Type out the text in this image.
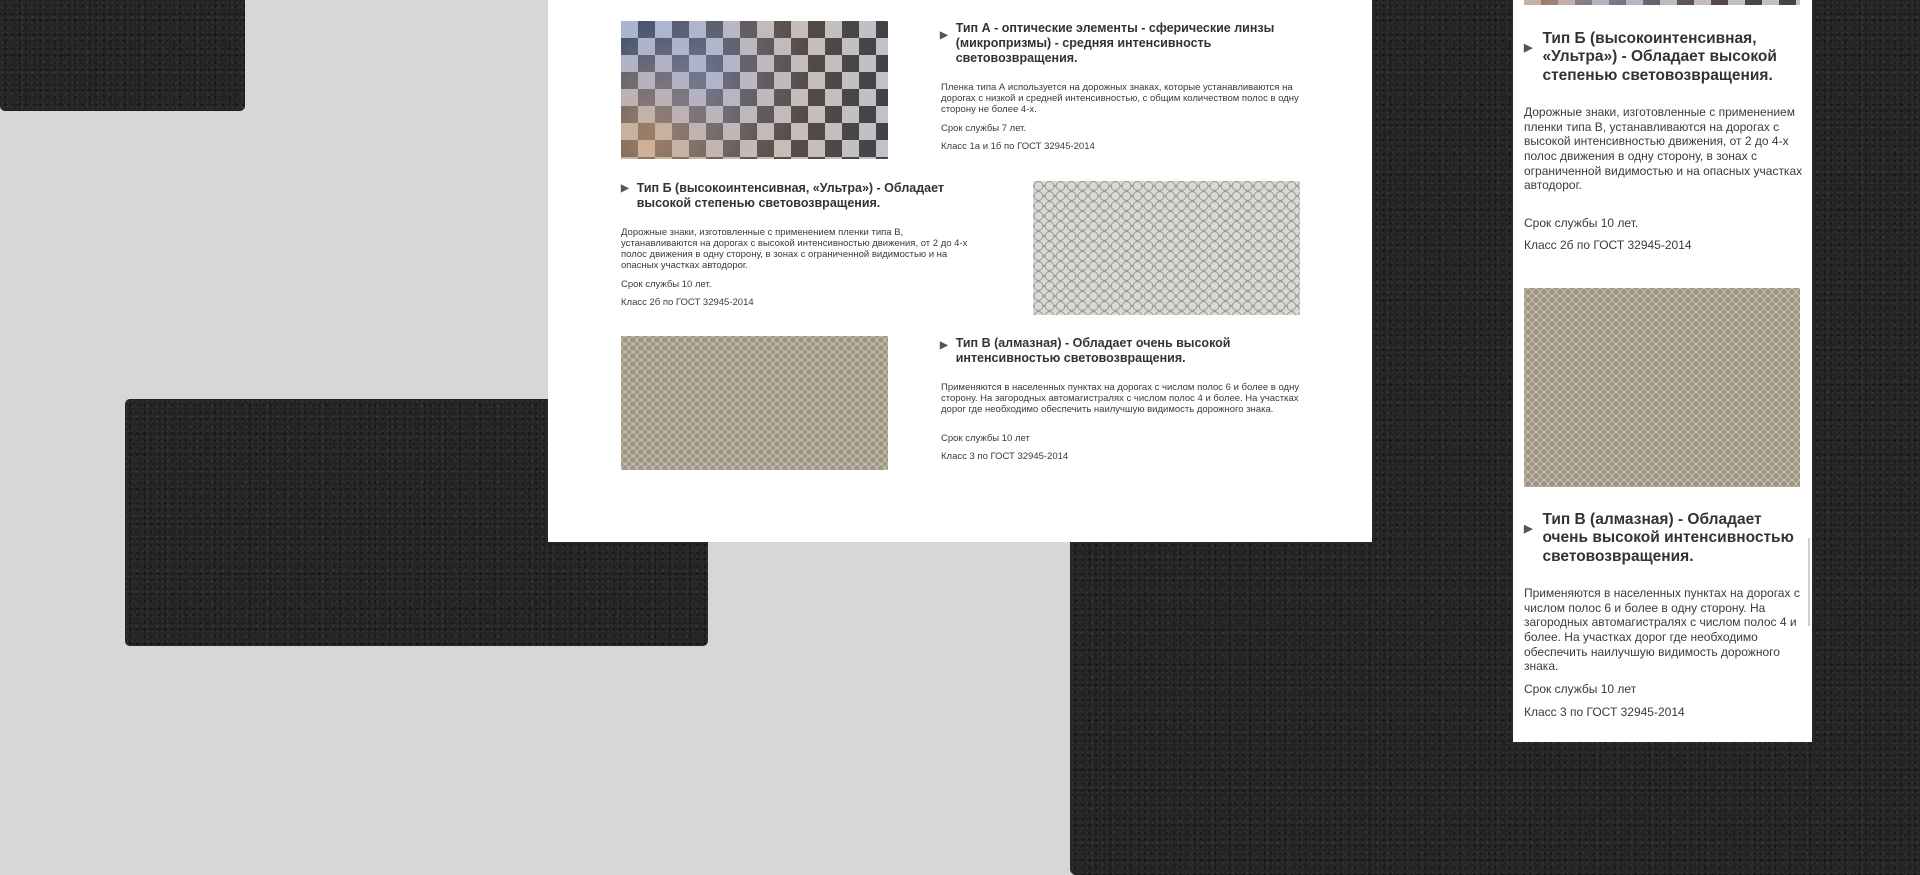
▶
Тип А - оптические элементы - сферические линзы (микропризмы) - средняя интенсивность световозвращения.

Пленка типа А используется на дорожных знаках, которые устанавливаются на дорогах с низкой и средней интенсивностью, с общим количеством полос в одну сторону не более 4-х.

Срок службы 7 лет.
Класс 1а и 1б по ГОСТ 32945-2014
▶ Тип Б (высокоинтенсивная, «Ультра») - Обладает высокой степенью световозвращения.

Дорожные знаки, изготовленные с применением пленки типа В, устанавливаются на дорогах с высокой интенсивностью движения, от 2 до 4-х полос движения в одну сторону, в зонах с ограниченной видимостью и на опасных участках автодорог.

Срок службы 10 лет.
Класс 2б по ГОСТ 32945-2014
▶ Тип В (алмазная) - Обладает очень высокой интенсивностью световозвращения.

Применяются в населенных пунктах на дорогах с числом полос 6 и более в одну сторону. На загородных автомагистралях с числом полос 4 и более. На участках дорог где необходимо обеспечить наилучшую видимость дорожного знака.

Срок службы 10 лет
Класс 3 по ГОСТ 32945-2014
▶
Тип Б (высокоинтенсивная, «Ультра») - Обладает высокой степенью световозвращения.

Дорожные знаки, изготовленные с применением пленки типа В, устанавливаются на дорогах с высокой интенсивностью движения, от 2 до 4-х полос движения в одну сторону, в зонах с ограниченной видимостью и на опасных участках автодорог.

Срок службы 10 лет.
Класс 2б по ГОСТ 32945-2014
▶
Тип В (алмазная) - Обладает очень высокой интенсивностью световозвращения.

Применяются в населенных пунктах на дорогах с числом полос 6 и более в одну сторону. На загородных автомагистралях с числом полос 4 и более. На участках дорог где необходимо обеспечить наилучшую видимость дорожного знака.

Срок службы 10 лет
Класс 3 по ГОСТ 32945-2014
